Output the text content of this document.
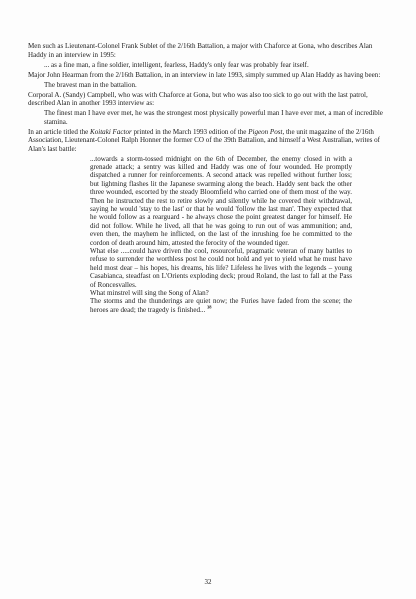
Men such as Lieutenant-Colonel Frank Sublet of the 2/16th Battalion, a major with Chaforce at Gona, who describes Alan Haddy in an interview in 1995:

... as a fine man, a fine soldier, intelligent, fearless, Haddy's only fear was probably fear itself.

Major John Hearman from the 2/16th Battalion, in an interview in late 1993, simply summed up Alan Haddy as having been:

The bravest man in the battalion.

Corporal A. (Sandy) Campbell, who was with Chaforce at Gona, but who was also too sick to go out with the last patrol, described Alan in another 1993 interview as:

The finest man I have ever met, he was the strongest most physically powerful man I have ever met, a man of incredible stamina.

In an article titled the Koitaki Factor printed in the March 1993 edition of the Pigeon Post, the unit magazine of the 2/16th Association, Lieutenant-Colonel Ralph Honner the former CO of the 39th Battalion, and himself a West Australian, writes of Alan's last battle:

...towards a storm-tossed midnight on the 6th of December, the enemy closed in with a grenade attack; a sentry was killed and Haddy was one of four wounded. He promptly dispatched a runner for reinforcements. A second attack was repelled without further loss; but lightning flashes lit the Japanese swarming along the beach. Haddy sent back the other three wounded, escorted by the steady Bloomfield who carried one of them most of the way. Then he instructed the rest to retire slowly and silently while he covered their withdrawal, saying he would 'stay to the last' or that he would 'follow the last man'. They expected that he would follow as a rearguard - he always chose the point greatest danger for himself. He did not follow. While he lived, all that he was going to run out of was ammunition; and, even then, the mayhem he inflicted, on the last of the inrushing foe he committed to the cordon of death around him, attested the ferocity of the wounded tiger.

What else .....could have driven the cool, resourceful, pragmatic veteran of many battles to refuse to surrender the worthless post he could not hold and yet to yield what he must have held most dear – his hopes, his dreams, his life? Lifeless he lives with the legends – young Casabianca, steadfast on L'Orients exploding deck; proud Roland, the last to fall at the Pass of Roncesvalles.

What minstrel will sing the Song of Alan?

The storms and the thunderings are quiet now; the Furies have faded from the scene; the heroes are dead; the tragedy is finished... $^{38}$

32
